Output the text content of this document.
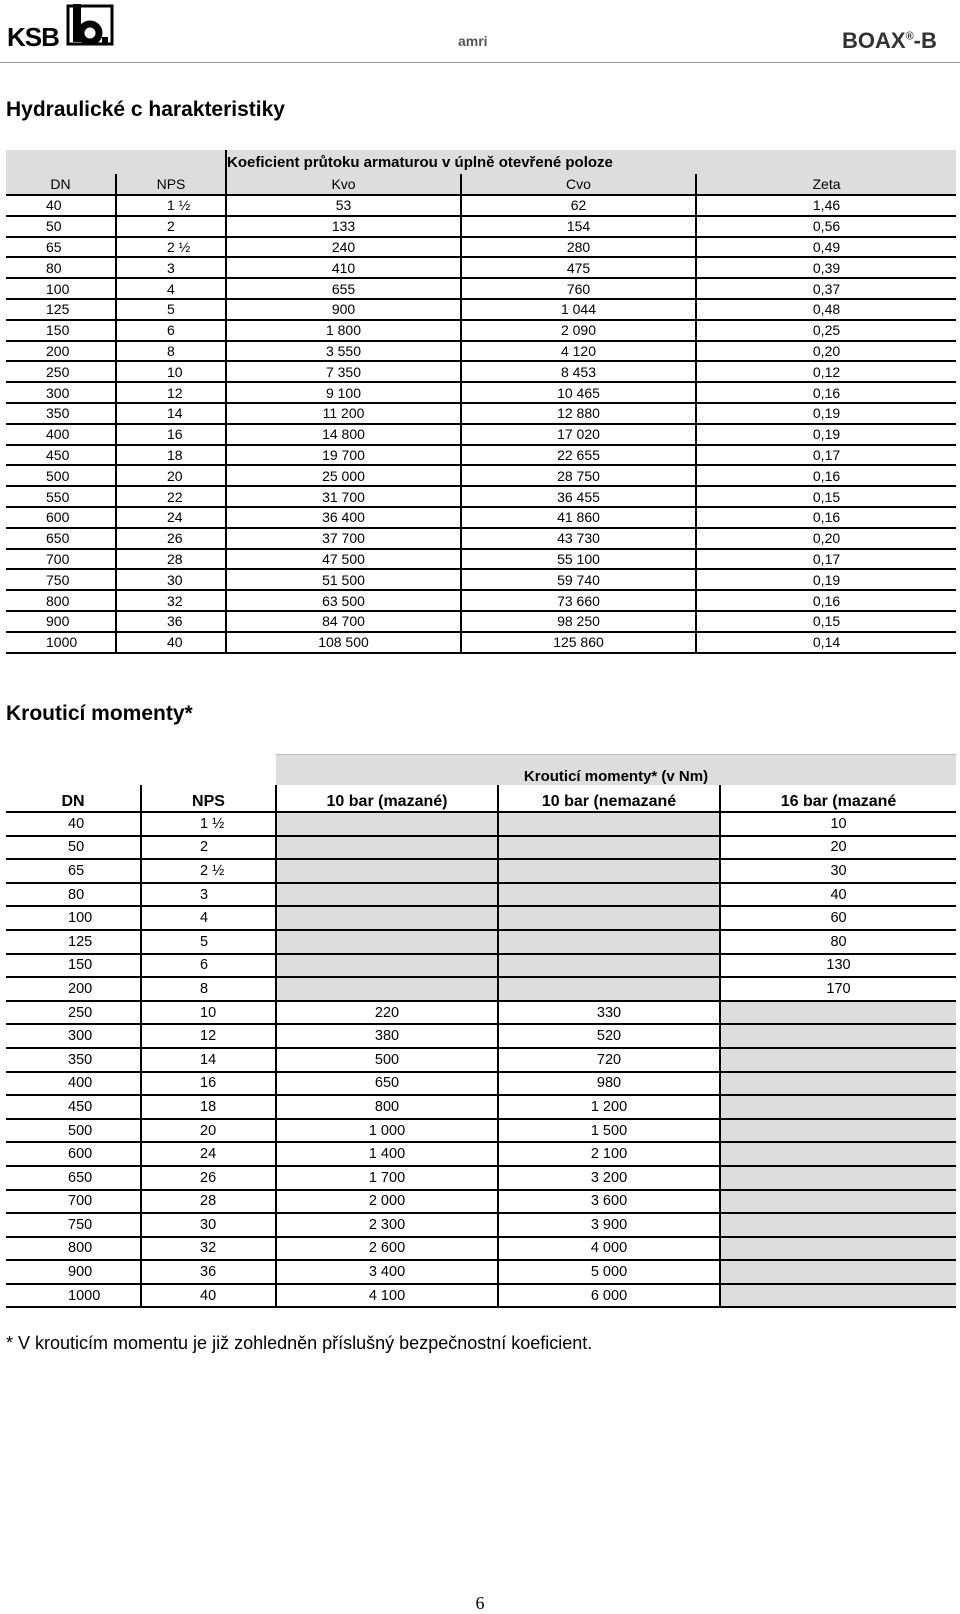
KSB	amri	BOAX®-B
Hydraulické c harakteristiky
		Koeficient průtoku armaturou v úplně otevřené poloze		
DN	NPS	Kvo	Cvo	Zeta
40	1 ½	53	62	1,46
50	2	133	154	0,56
65	2 ½	240	280	0,49
80	3	410	475	0,39
100	4	655	760	0,37
125	5	900	1 044	0,48
150	6	1 800	2 090	0,25
200	8	3 550	4 120	0,20
250	10	7 350	8 453	0,12
300	12	9 100	10 465	0,16
350	14	11 200	12 880	0,19
400	16	14 800	17 020	0,19
450	18	19 700	22 655	0,17
500	20	25 000	28 750	0,16
550	22	31 700	36 455	0,15
600	24	36 400	41 860	0,16
650	26	37 700	43 730	0,20
700	28	47 500	55 100	0,17
750	30	51 500	59 740	0,19
800	32	63 500	73 660	0,16
900	36	84 700	98 250	0,15
1000	40	108 500	125 860	0,14
Krouticí momenty*
		Krouticí momenty* (v Nm)		
DN	NPS	10 bar (mazané)	10 bar (nemazané	16 bar (mazané
40	1 ½			10
50	2			20
65	2 ½			30
80	3			40
100	4			60
125	5			80
150	6			130
200	8			170
250	10	220	330	
300	12	380	520	
350	14	500	720	
400	16	650	980	
450	18	800	1 200	
500	20	1 000	1 500	
600	24	1 400	2 100	
650	26	1 700	3 200	
700	28	2 000	3 600	
750	30	2 300	3 900	
800	32	2 600	4 000	
900	36	3 400	5 000	
1000	40	4 100	6 000	

* V krouticím momentu je již zohledněn příslušný bezpečnostní koeficient.

6
